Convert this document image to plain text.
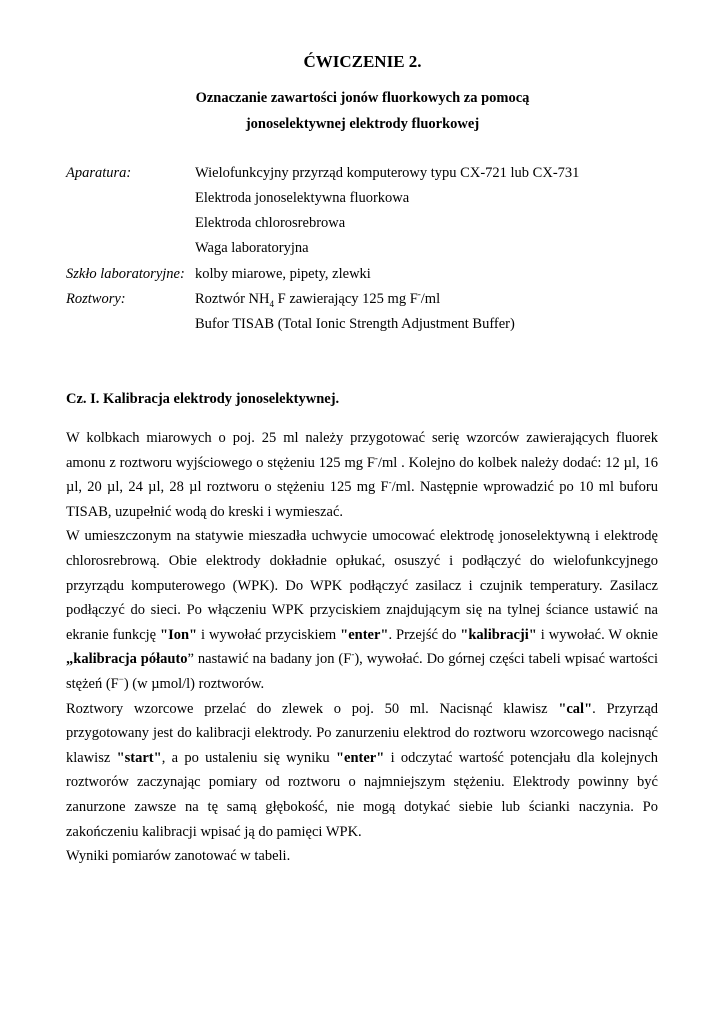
ĆWICZENIE 2.
Oznaczanie zawartości jonów fluorkowych za pomocą
jonoselektywnej elektrody fluorkowej
Aparatura:	Wielofunkcyjny przyrząd komputerowy typu CX-721 lub CX-731
Elektroda jonoselektywna fluorkowa
Elektroda chlorosrebrowa
Waga laboratoryjna
Szkło laboratoryjne: kolby miarowe, pipety, zlewki
Roztwory:	Roztwór $NH_4$ F zawierający 125 mg F-/ml
Bufor TISAB (Total Ionic Strength Adjustment Buffer)
Cz. I. Kalibracja elektrody jonoselektywnej.

W kolbkach miarowych o poj. 25 ml należy przygotować serię wzorców zawierających fluorek amonu z roztworu wyjściowego o stężeniu 125 mg F-/ml . Kolejno do kolbek należy dodać: 12 µl, 16 µl, 20 µl, 24 µl, 28 µl roztworu o stężeniu 125 mg F-/ml. Następnie wprowadzić po 10 ml buforu TISAB, uzupełnić wodą do kreski i wymieszać.

W umieszczonym na statywie mieszadła uchwycie umocować elektrodę jonoselektywną i elektrodę chlorosrebrową. Obie elektrody dokładnie opłukać, osuszyć i podłączyć do wielofunkcyjnego przyrządu komputerowego (WPK). Do WPK podłączyć zasilacz i czujnik temperatury. Zasilacz podłączyć do sieci. Po włączeniu WPK przyciskiem znajdującym się na tylnej ściance ustawić na ekranie funkcję "Ion" i wywołać przyciskiem "enter". Przejść do "kalibracji" i wywołać. W oknie „kalibracja półauto” nastawić na badany jon (F-), wywołać. Do górnej części tabeli wpisać wartości stężeń (F−) (w µmol/l) roztworów.

Roztwory wzorcowe przelać do zlewek o poj. 50 ml. Nacisnąć klawisz "cal". Przyrząd przygotowany jest do kalibracji elektrody. Po zanurzeniu elektrod do roztworu wzorcowego nacisnąć klawisz "start", a po ustaleniu się wyniku "enter" i odczytać wartość potencjału dla kolejnych roztworów zaczynając pomiary od roztworu o najmniejszym stężeniu. Elektrody powinny być zanurzone zawsze na tę samą głębokość, nie mogą dotykać siebie lub ścianki naczynia. Po zakończeniu kalibracji wpisać ją do pamięci WPK.

Wyniki pomiarów zanotować w tabeli.
